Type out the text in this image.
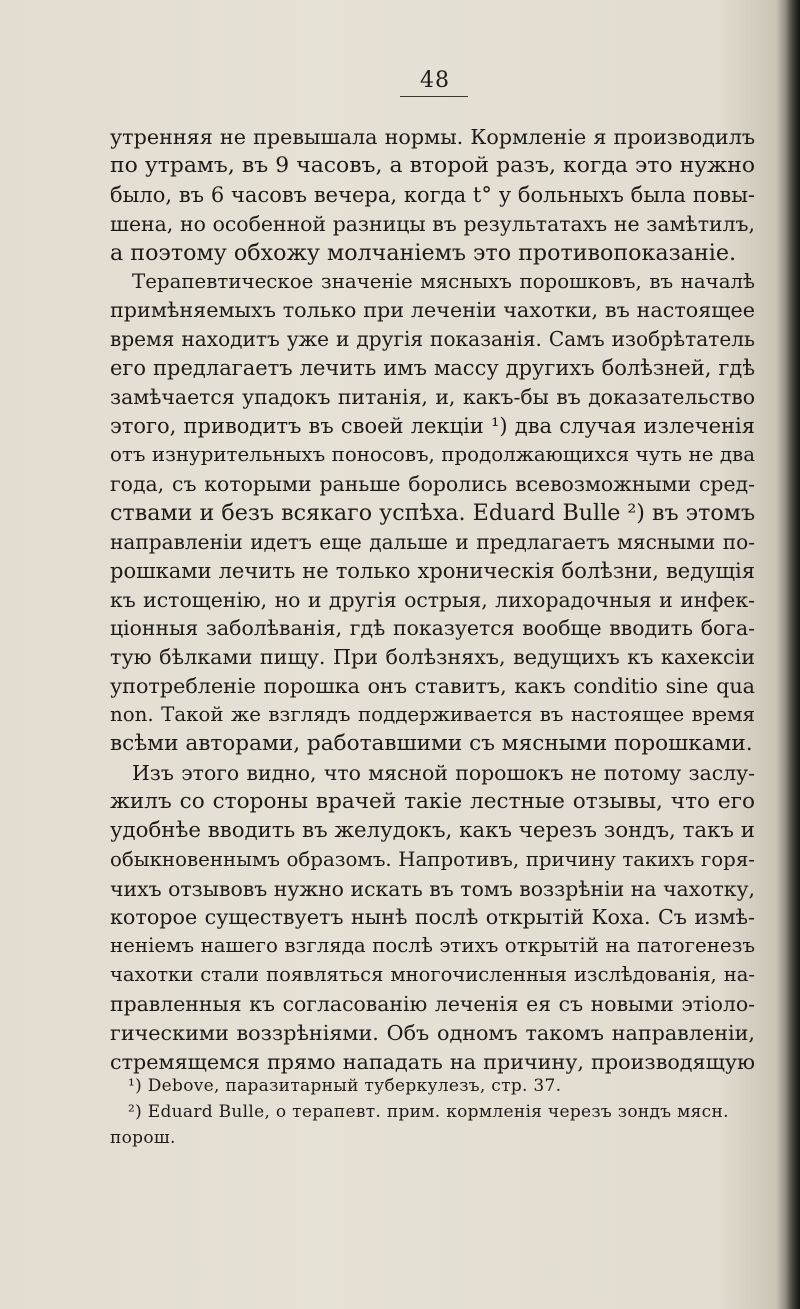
48
утренняя не превышала нормы. Кормленіе я производилъ
по утрамъ, въ 9 часовъ, а второй разъ, когда это нужно
было, въ 6 часовъ вечера, когда t° у больныхъ была повы-
шена, но особенной разницы въ результатахъ не замѣтилъ,
а поэтому обхожу молчаніемъ это противопоказаніе.
Терапевтическое значеніе мясныхъ порошковъ, въ началѣ
примѣняемыхъ только при леченіи чахотки, въ настоящее
время находитъ уже и другія показанія. Самъ изобрѣтатель
его предлагаетъ лечить имъ массу другихъ болѣзней, гдѣ
замѣчается упадокъ питанія, и, какъ-бы въ доказательство
этого, приводитъ въ своей лекціи ¹) два случая излеченія
отъ изнурительныхъ поносовъ, продолжающихся чуть не два
года, съ которыми раньше боролись всевозможными сред-
ствами и безъ всякаго успѣха. Eduard Bulle ²) въ этомъ
направленіи идетъ еще дальше и предлагаетъ мясными по-
рошками лечить не только хроническія болѣзни, ведущія
къ истощенію, но и другія острыя, лихорадочныя и инфек-
ціонныя заболѣванія, гдѣ показуется вообще вводить бога-
тую бѣлками пищу. При болѣзняхъ, ведущихъ къ кахексіи
употребленіе порошка онъ ставитъ, какъ conditio sine qua
non. Такой же взглядъ поддерживается въ настоящее время
всѣми авторами, работавшими съ мясными порошками.
Изъ этого видно, что мясной порошокъ не потому заслу-
жилъ со стороны врачей такіе лестные отзывы, что его
удобнѣе вводить въ желудокъ, какъ черезъ зондъ, такъ и
обыкновеннымъ образомъ. Напротивъ, причину такихъ горя-
чихъ отзывовъ нужно искать въ томъ воззрѣніи на чахотку,
которое существуетъ нынѣ послѣ открытій Коха. Съ измѣ-
неніемъ нашего взгляда послѣ этихъ открытій на патогенезъ
чахотки стали появляться многочисленныя изслѣдованія, на-
правленныя къ согласованію леченія ея съ новыми этіоло-
гическими воззрѣніями. Объ одномъ такомъ направленіи,
стремящемся прямо нападать на причину, производящую
¹) Debove, паразитарный туберкулезъ, стр. 37.
²) Eduard Bulle, о терапевт. прим. кормленія черезъ зондъ мясн.
порош.
